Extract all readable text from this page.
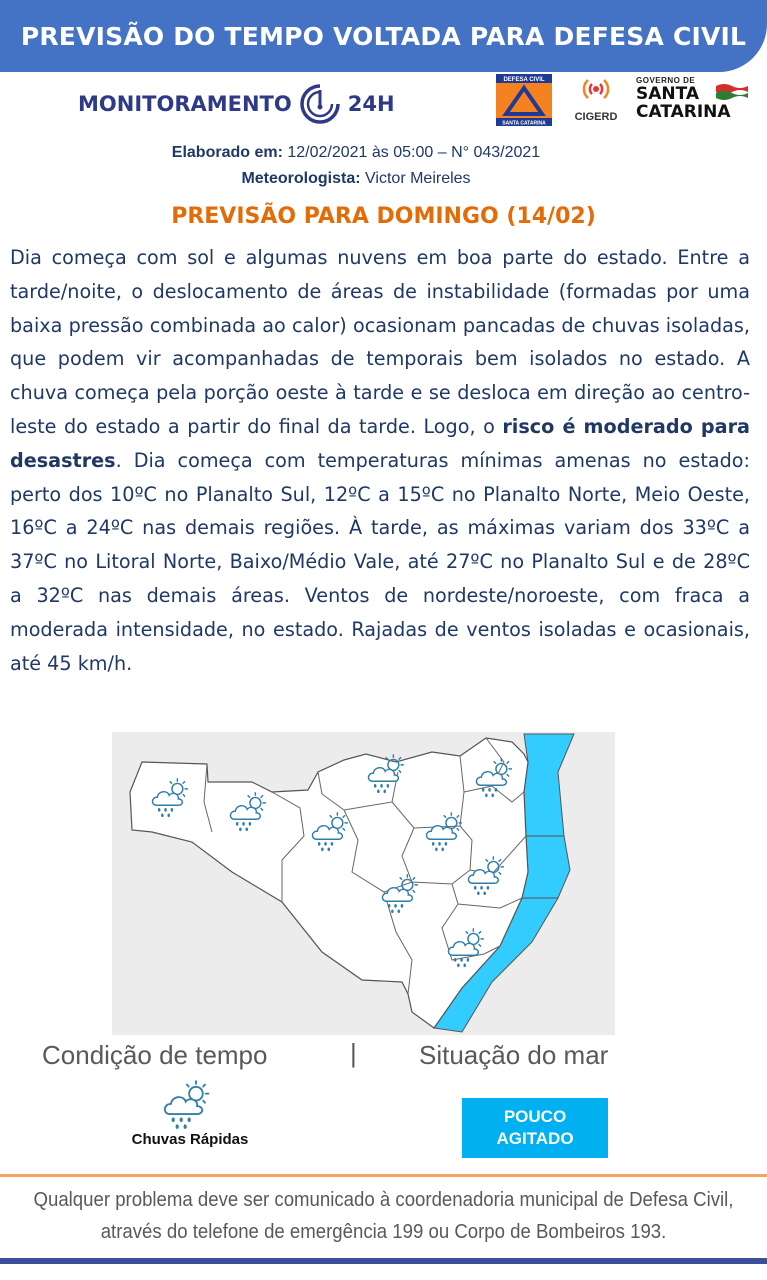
PREVISÃO DO TEMPO VOLTADA PARA DEFESA CIVIL
MONITORAMENTO	24H
DEFESA CIVIL
SANTA CATARINA
CIGERD
GOVERNO DE
SANTA
CATARINA
Elaborado em: 12/02/2021 às 05:00 – N° 043/2021
Meteorologista: Victor Meireles
PREVISÃO PARA DOMINGO (14/02)

Dia começa com sol e algumas nuvens em boa parte do estado. Entre a tarde/noite, o deslocamento de áreas de instabilidade (formadas por uma baixa pressão combinada ao calor) ocasionam pancadas de chuvas isoladas, que podem vir acompanhadas de temporais bem isolados no estado. A chuva começa pela porção oeste à tarde e se desloca em direção ao centro-leste do estado a partir do final da tarde. Logo, o risco é moderado para desastres. Dia começa com temperaturas mínimas amenas no estado: perto dos 10ºC no Planalto Sul, 12ºC a 15ºC no Planalto Norte, Meio Oeste, 16ºC a 24ºC nas demais regiões. À tarde, as máximas variam dos 33ºC a 37ºC no Litoral Norte, Baixo/Médio Vale, até 27ºC no Planalto Sul e de 28ºC a 32ºC nas demais áreas. Ventos de nordeste/noroeste, com fraca a moderada intensidade, no estado. Rajadas de ventos isoladas e ocasionais, até 45 km/h.

Condição de tempo	| Situação do mar
Chuvas Rápidas
POUCO
AGITADO
Qualquer problema deve ser comunicado à coordenadoria municipal de Defesa Civil,
através do telefone de emergência 199 ou Corpo de Bombeiros 193.
